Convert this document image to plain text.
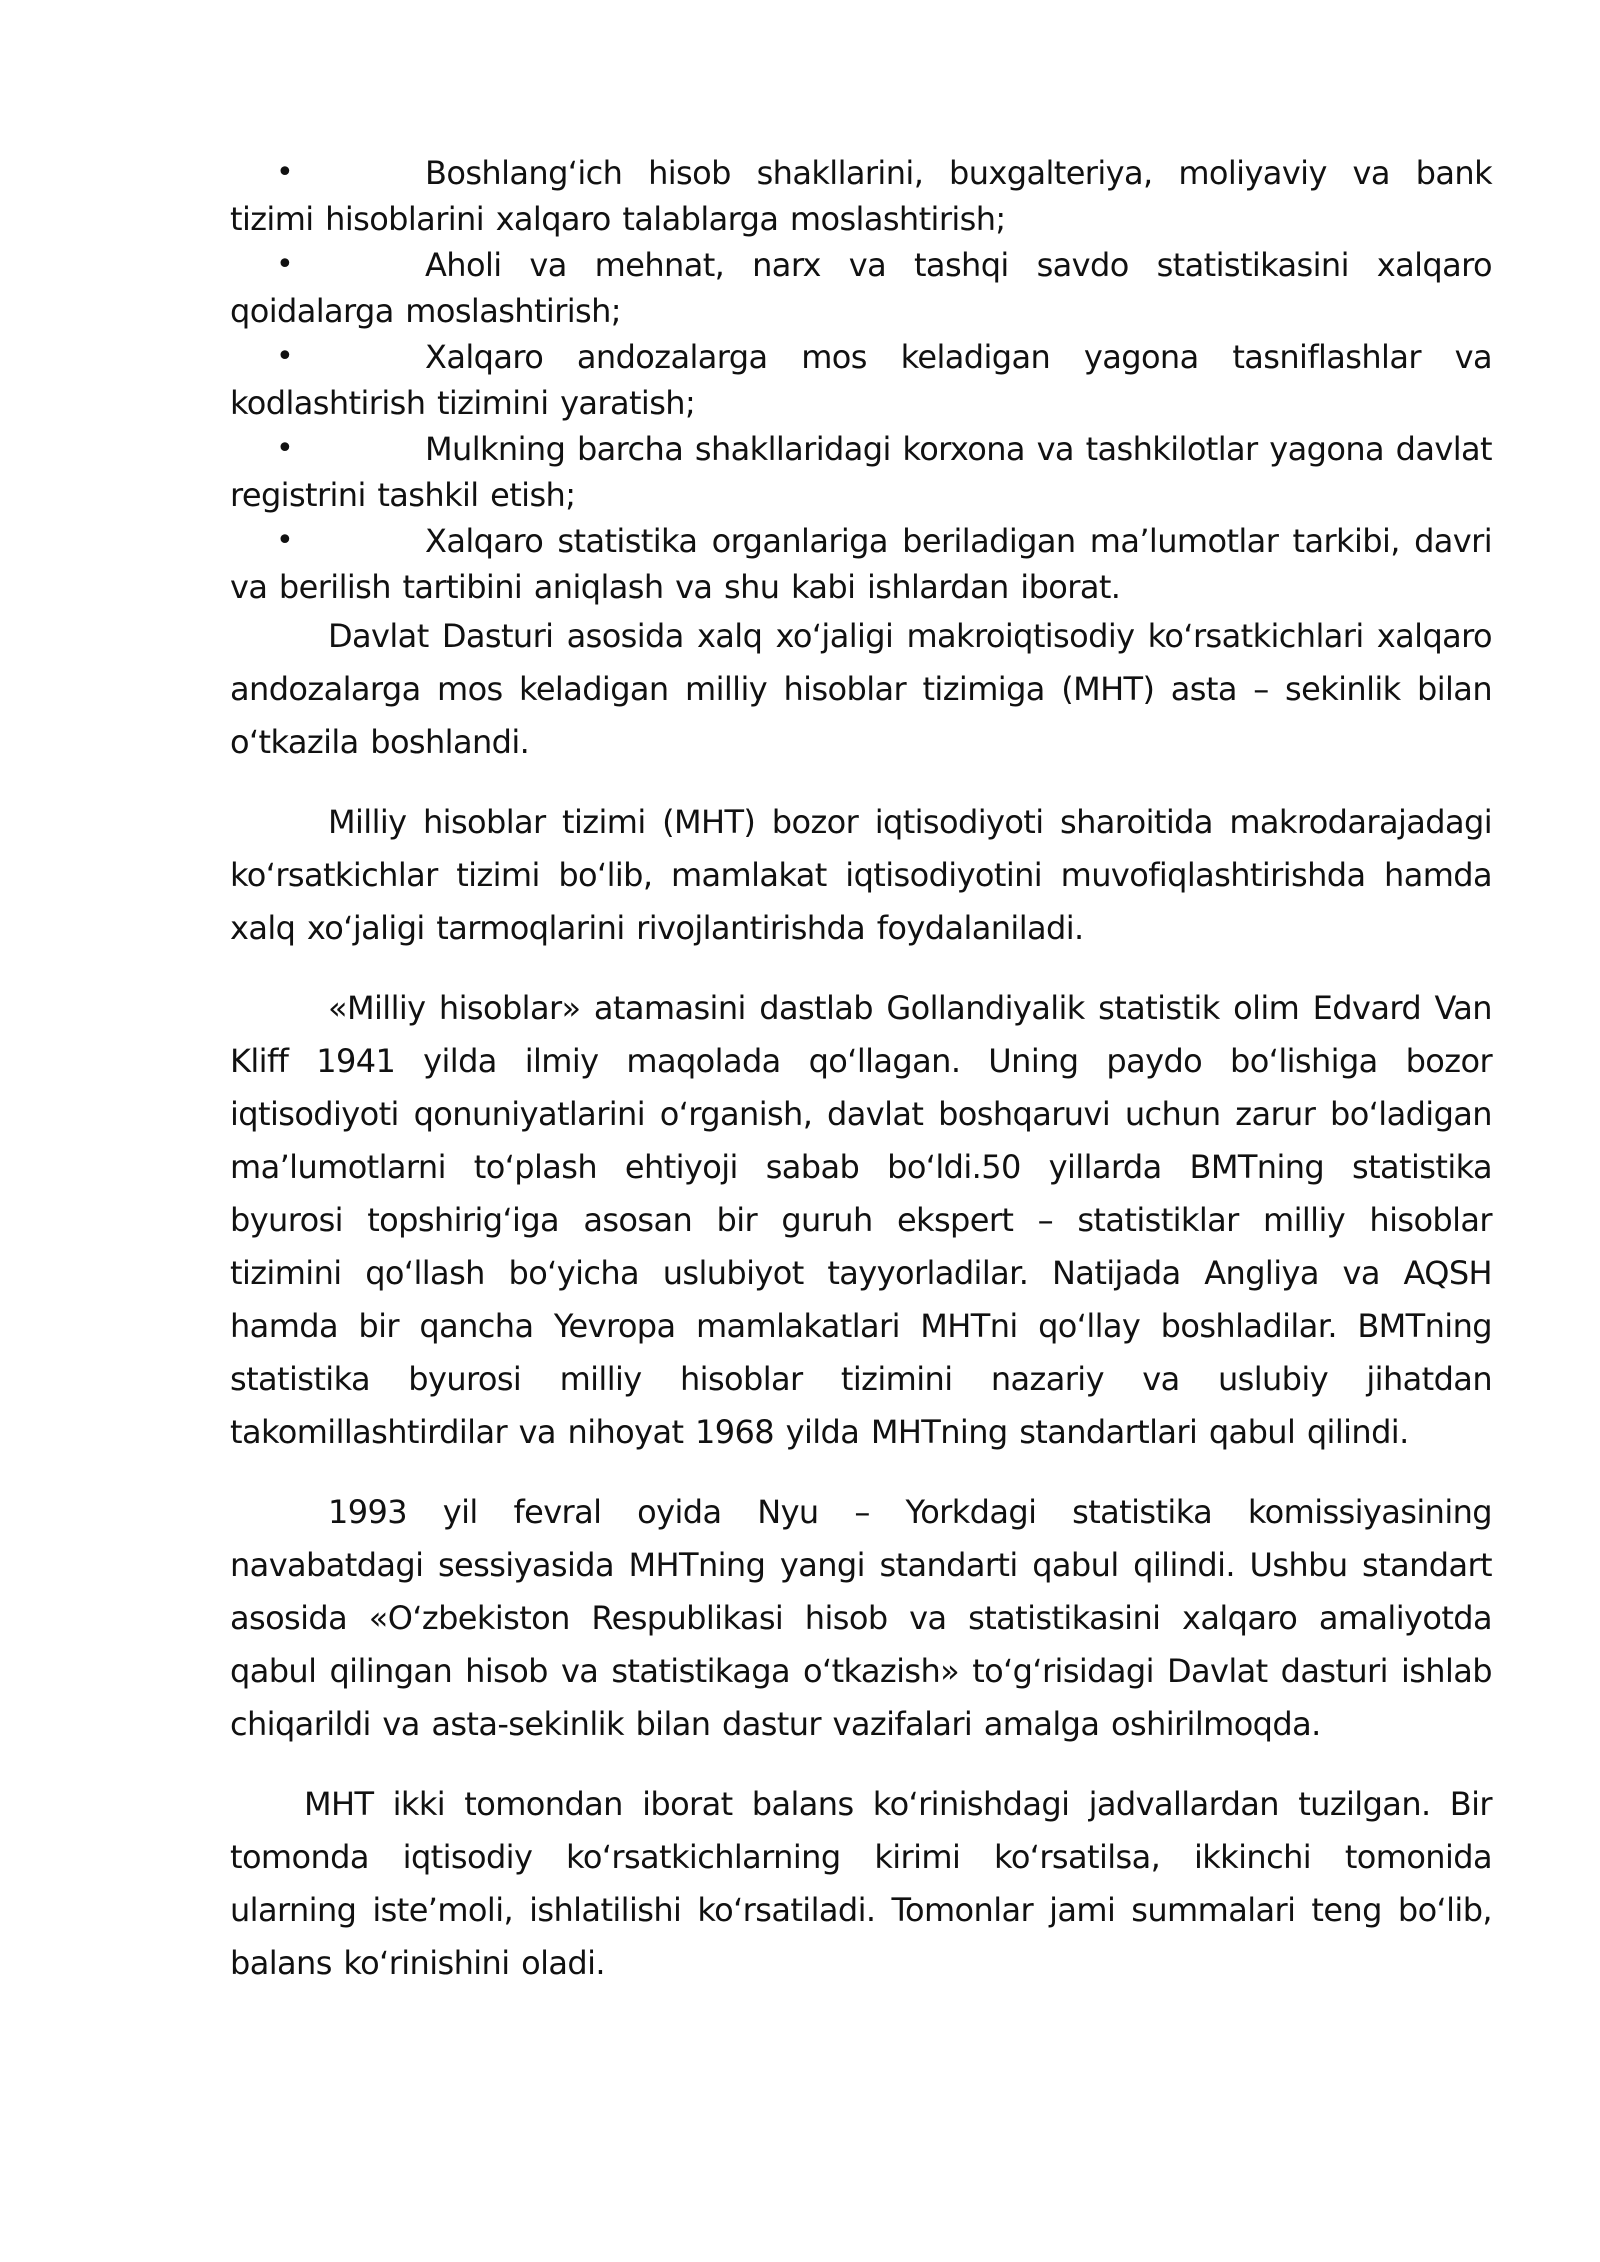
•	Boshlang‘ich hisob shakllarini, buxgalteriya, moliyaviy va bank tizimi hisoblarini xalqaro talablarga moslashtirish;

•	Aholi va mehnat, narx va tashqi savdo statistikasini xalqaro qoidalarga moslashtirish;

•	Xalqaro andozalarga mos keladigan yagona tasniflashlar va kodlashtirish tizimini yaratish;

•	Mulkning barcha shakllaridagi korxona va tashkilotlar yagona davlat registrini tashkil etish;

•	Xalqaro statistika organlariga beriladigan ma’lumotlar tarkibi, davri va berilish tartibini aniqlash va shu kabi ishlardan iborat.

Davlat Dasturi asosida xalq xo‘jaligi makroiqtisodiy ko‘rsatkichlari xalqaro andozalarga mos keladigan milliy hisoblar tizimiga (MHT) asta – sekinlik bilan o‘tkazila boshlandi.

Milliy hisoblar tizimi (MHT) bozor iqtisodiyoti sharoitida makrodarajadagi ko‘rsatkichlar tizimi bo‘lib, mamlakat iqtisodiyotini muvofiqlashtirishda hamda xalq xo‘jaligi tarmoqlarini rivojlantirishda foydalaniladi.

«Milliy hisoblar» atamasini dastlab Gollandiyalik statistik olim Edvard Van Kliff 1941 yilda ilmiy maqolada qo‘llagan. Uning paydo bo‘lishiga bozor iqtisodiyoti qonuniyatlarini o‘rganish, davlat boshqaruvi uchun zarur bo‘ladigan ma’lumotlarni to‘plash ehtiyoji sabab bo‘ldi.50 yillarda BMTning statistika byurosi topshirig‘iga asosan bir guruh ekspert – statistiklar milliy hisoblar tizimini qo‘llash bo‘yicha uslubiyot tayyorladilar. Natijada Angliya va AQSH hamda bir qancha Yevropa mamlakatlari MHTni qo‘llay boshladilar. BMTning statistika byurosi milliy hisoblar tizimini nazariy va uslubiy jihatdan takomillashtirdilar va nihoyat 1968 yilda MHTning standartlari qabul qilindi.

1993 yil fevral oyida Nyu – Yorkdagi statistika komissiyasining navabatdagi sessiyasida MHTning yangi standarti qabul qilindi. Ushbu standart asosida «O‘zbekiston Respublikasi hisob va statistikasini xalqaro amaliyotda qabul qilingan hisob va statistikaga o‘tkazish» to‘g‘risidagi Davlat dasturi ishlab chiqarildi va asta-sekinlik bilan dastur vazifalari amalga oshirilmoqda.

MHT ikki tomondan iborat balans ko‘rinishdagi jadvallardan tuzilgan. Bir tomonda iqtisodiy ko‘rsatkichlarning kirimi ko‘rsatilsa, ikkinchi tomonida ularning iste’moli, ishlatilishi ko‘rsatiladi. Tomonlar jami summalari teng bo‘lib, balans ko‘rinishini oladi.
